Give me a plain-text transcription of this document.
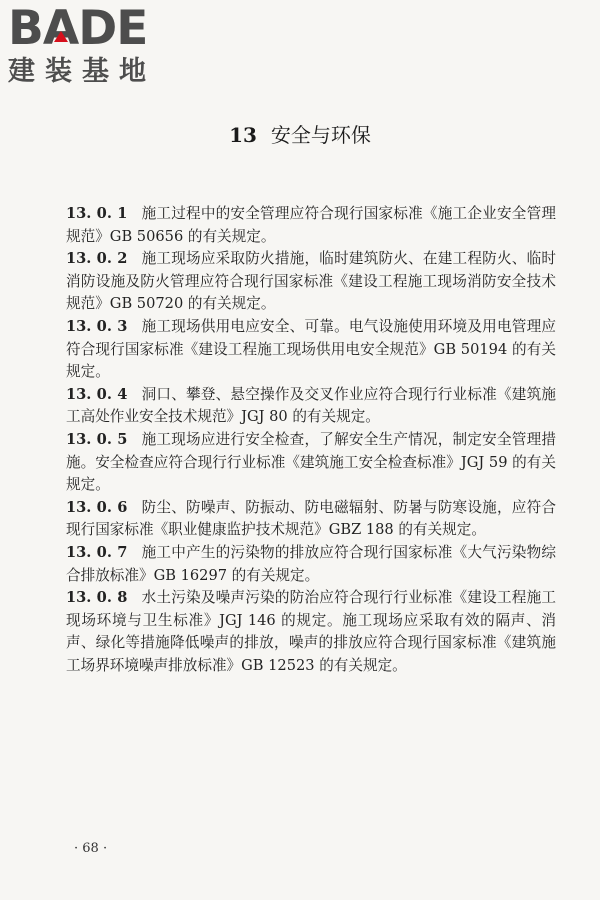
BA
DE
建装基地
13 安全与环保

13. 0. 1 施工过程中的安全管理应符合现行国家标准《施工企业安全管理规范》GB 50656 的有关规定。

13. 0. 2 施工现场应采取防火措施，临时建筑防火、在建工程防火、临时消防设施及防火管理应符合现行国家标准《建设工程施工现场消防安全技术规范》GB 50720 的有关规定。

13. 0. 3 施工现场供用电应安全、可靠。电气设施使用环境及用电管理应符合现行国家标准《建设工程施工现场供用电安全规范》GB 50194 的有关规定。

13. 0. 4 洞口、攀登、悬空操作及交叉作业应符合现行行业标准《建筑施工高处作业安全技术规范》JGJ 80 的有关规定。

13. 0. 5 施工现场应进行安全检查，了解安全生产情况，制定安全管理措施。安全检查应符合现行行业标准《建筑施工安全检查标准》JGJ 59 的有关规定。

13. 0. 6 防尘、防噪声、防振动、防电磁辐射、防暑与防寒设施，应符合现行国家标准《职业健康监护技术规范》GBZ 188 的有关规定。

13. 0. 7 施工中产生的污染物的排放应符合现行国家标准《大气污染物综合排放标准》GB 16297 的有关规定。

13. 0. 8 水土污染及噪声污染的防治应符合现行行业标准《建设工程施工现场环境与卫生标准》JGJ 146 的规定。施工现场应采取有效的隔声、消声、绿化等措施降低噪声的排放，噪声的排放应符合现行国家标准《建筑施工场界环境噪声排放标准》GB 12523 的有关规定。

· 68 ·
